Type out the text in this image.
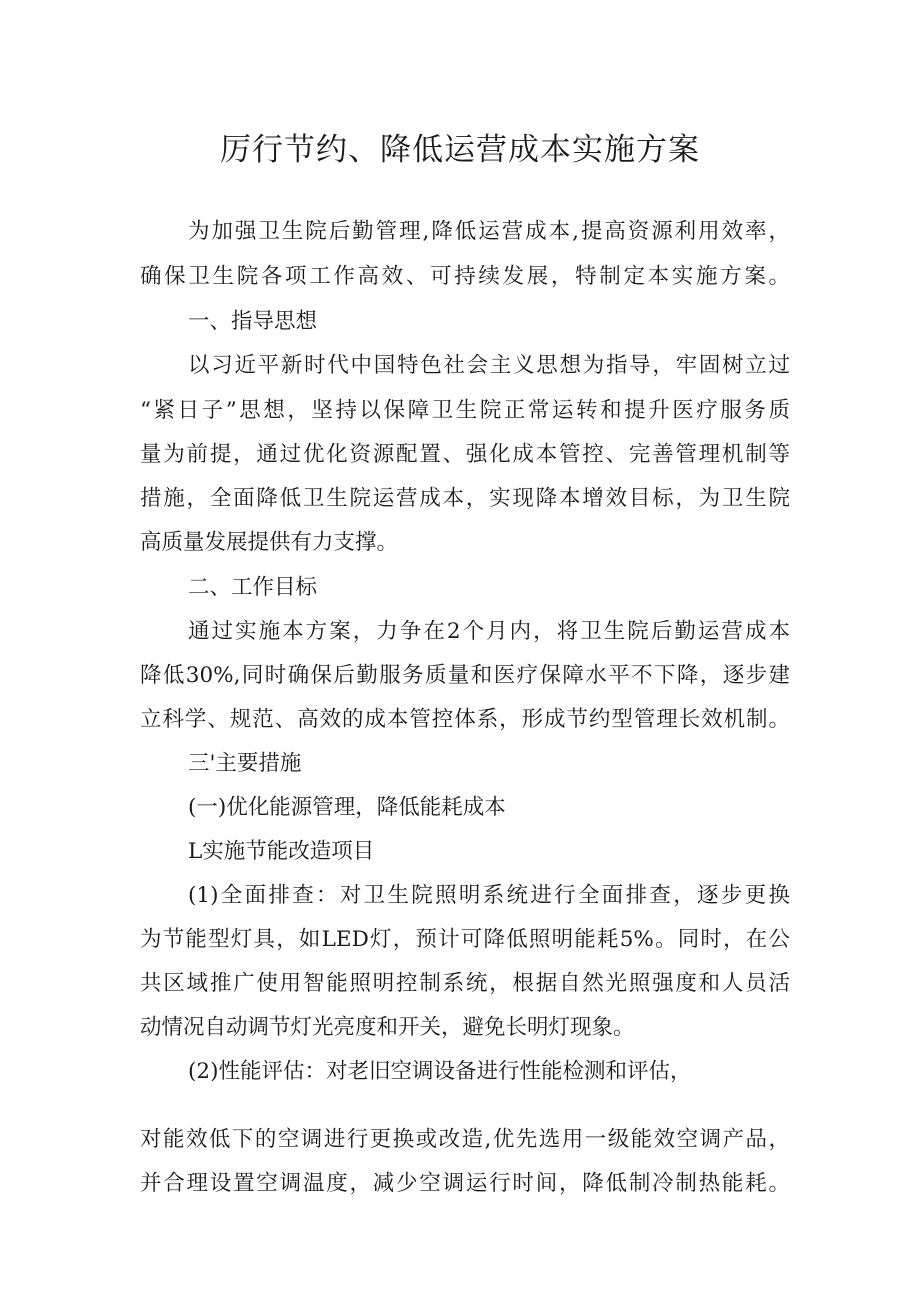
厉行节约、降低运营成本实施方案

为加强卫生院后勤管理,降低运营成本,提高资源利用效率，

确保卫生院各项工作高效、可持续发展，特制定本实施方案。

一、指导思想

以习近平新时代中国特色社会主义思想为指导，牢固树立过

“紧日子”思想，坚持以保障卫生院正常运转和提升医疗服务质

量为前提，通过优化资源配置、强化成本管控、完善管理机制等

措施，全面降低卫生院运营成本，实现降本增效目标，为卫生院

高质量发展提供有力支撑。

二、工作目标

通过实施本方案，力争在2个月内，将卫生院后勤运营成本

降低30%,同时确保后勤服务质量和医疗保障水平不下降，逐步建

立科学、规范、高效的成本管控体系，形成节约型管理长效机制。

三'主要措施

(一)优化能源管理，降低能耗成本

L实施节能改造项目

(1)全面排查：对卫生院照明系统进行全面排查，逐步更换

为节能型灯具，如LED灯，预计可降低照明能耗5%。同时，在公

共区域推广使用智能照明控制系统，根据自然光照强度和人员活

动情况自动调节灯光亮度和开关，避免长明灯现象。

(2)性能评估：对老旧空调设备进行性能检测和评估，

对能效低下的空调进行更换或改造,优先选用一级能效空调产品，

并合理设置空调温度，减少空调运行时间，降低制冷制热能耗。
